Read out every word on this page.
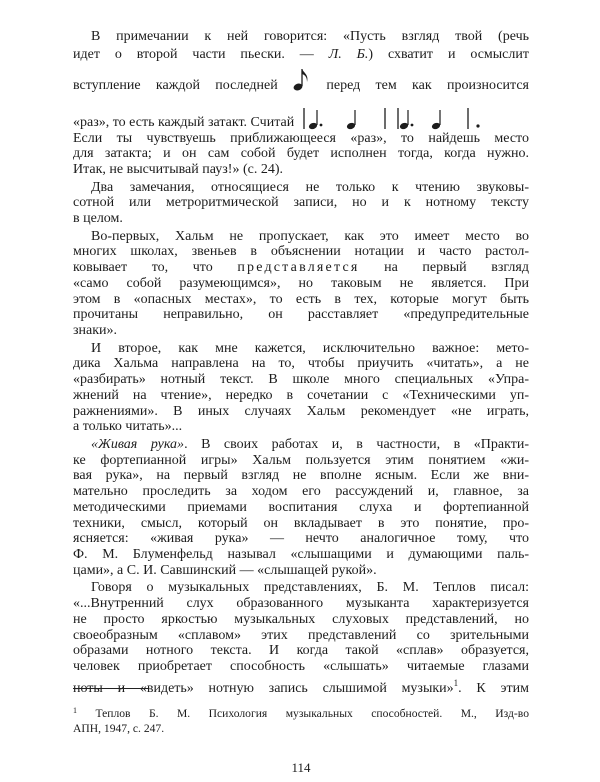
В примечании к ней говорится: «Пусть взгляд твой (речь
идет о второй части пьески. — Л. Б.) схватит и осмыслит
вступление каждой последней	перед тем как произносится
«раз», то есть каждый затакт. Считай
Если ты чувствуешь приближающееся «раз», то найдешь место
для затакта; и он сам собой будет исполнен тогда, когда нужно.
Итак, не высчитывай пауз!» (с. 24).
Два замечания, относящиеся не только к чтению звуковы-
сотной или метроритмической записи, но и к нотному тексту
в целом.
Во-первых, Хальм не пропускает, как это имеет место во
многих школах, звеньев в объяснении нотации и часто растол-
ковывает то, что представляется на первый взгляд
«само собой разумеющимся», но таковым не является. При
этом в «опасных местах», то есть в тех, которые могут быть
прочитаны неправильно, он расставляет «предупредительные
знаки».
И второе, как мне кажется, исключительно важное: мето-
дика Хальма направлена на то, чтобы приучить «читать», а не
«разбирать» нотный текст. В школе много специальных «Упра-
жнений на чтение», нередко в сочетании с «Техническими уп-
ражнениями». В иных случаях Хальм рекомендует «не играть,
а только читать»...
«Живая рука». В своих работах и, в частности, в «Практи-
ке фортепианной игры» Хальм пользуется этим понятием «жи-
вая рука», на первый взгляд не вполне ясным. Если же вни-
мательно проследить за ходом его рассуждений и, главное, за
методическими приемами воспитания слуха и фортепианной
техники, смысл, который он вкладывает в это понятие, про-
ясняется: «живая рука» — нечто аналогичное тому, что
Ф. М. Блуменфельд называл «слышащими и думающими паль-
цами», а С. И. Савшинский — «слышащей рукой».
Говоря о музыкальных представлениях, Б. М. Теплов писал:
«...Внутренний слух образованного музыканта характеризуется
не просто яркостью музыкальных слуховых представлений, но
своеобразным «сплавом» этих представлений со зрительными
образами нотного текста. И когда такой «сплав» образуется,
человек приобретает способность «слышать» читаемые глазами
ноты и «видеть» нотную запись слышимой музыки»$^1$. К этим
$^1$ Теплов Б. М. Психология музыкальных способностей. М., Изд-во
АПН, 1947, с. 247.
114
